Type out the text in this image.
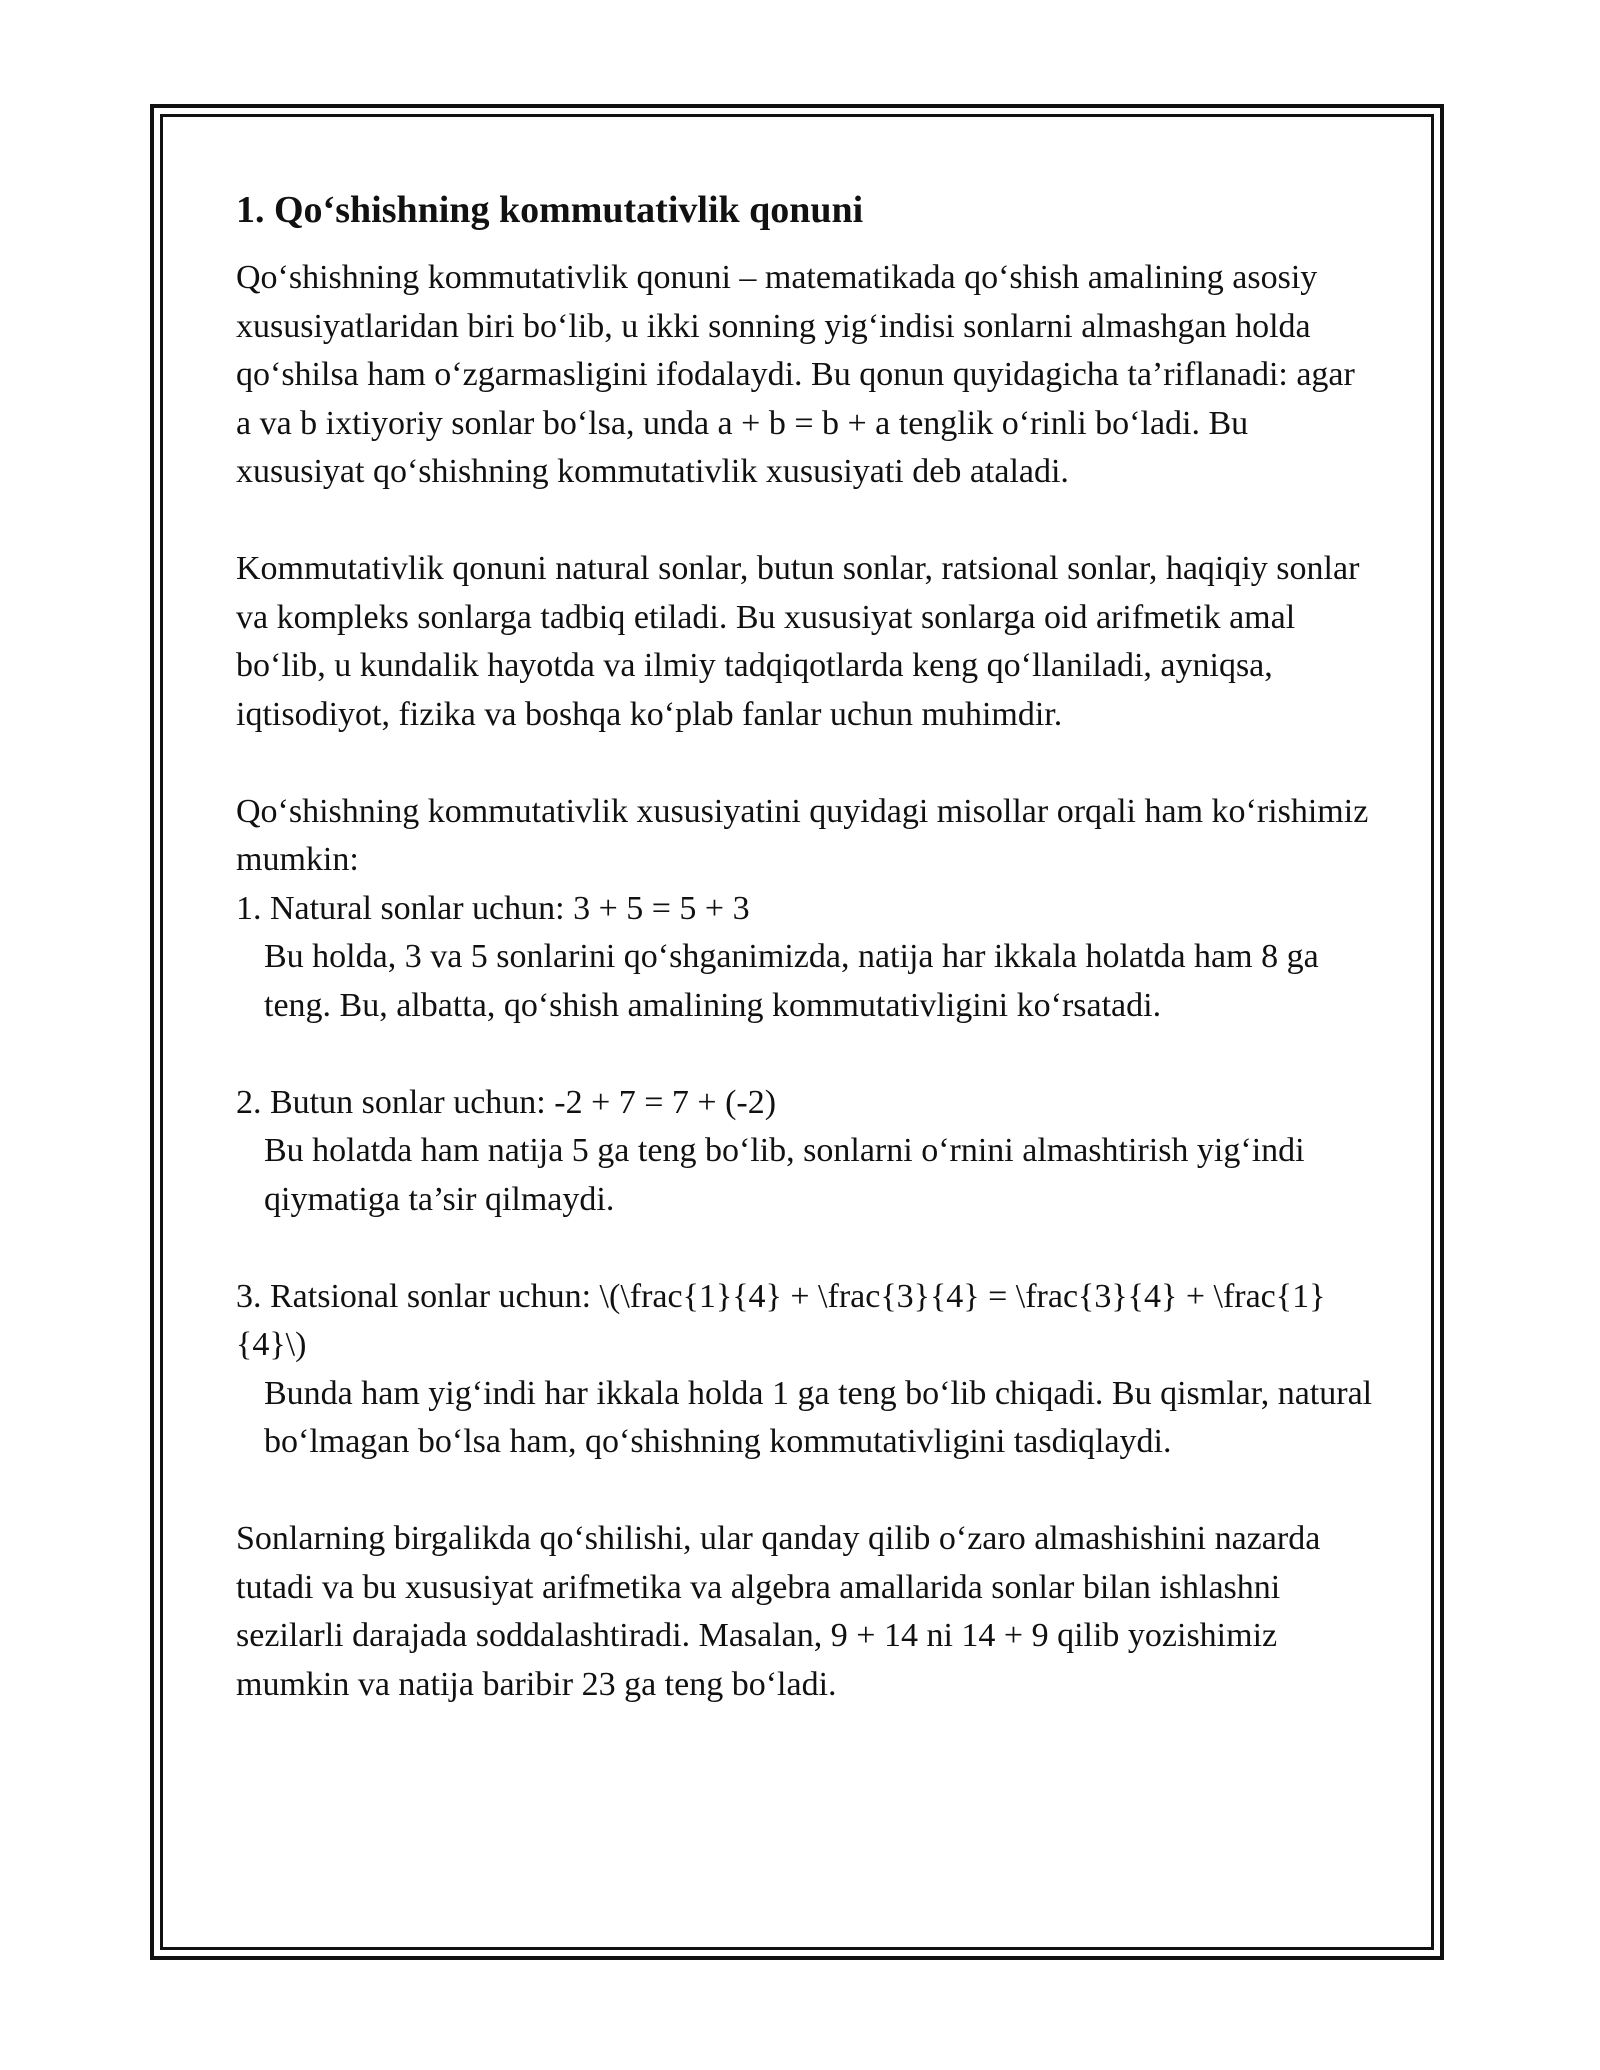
1. Qo‘shishning kommutativlik qonuni

Qo‘shishning kommutativlik qonuni – matematikada qo‘shish amalining asosiy xususiyatlaridan biri bo‘lib, u ikki sonning yig‘indisi sonlarni almashgan holda qo‘shilsa ham o‘zgarmasligini ifodalaydi. Bu qonun quyidagicha ta’riflanadi: agar a va b ixtiyoriy sonlar bo‘lsa, unda a + b = b + a tenglik o‘rinli bo‘ladi. Bu xususiyat qo‘shishning kommutativlik xususiyati deb ataladi.

Kommutativlik qonuni natural sonlar, butun sonlar, ratsional sonlar, haqiqiy sonlar va kompleks sonlarga tadbiq etiladi. Bu xususiyat sonlarga oid arifmetik amal bo‘lib, u kundalik hayotda va ilmiy tadqiqotlarda keng qo‘llaniladi, ayniqsa, iqtisodiyot, fizika va boshqa ko‘plab fanlar uchun muhimdir.

Qo‘shishning kommutativlik xususiyatini quyidagi misollar orqali ham ko‘rishimiz mumkin:

1. Natural sonlar uchun: 3 + 5 = 5 + 3

Bu holda, 3 va 5 sonlarini qo‘shganimizda, natija har ikkala holatda ham 8 ga teng. Bu, albatta, qo‘shish amalining kommutativligini ko‘rsatadi.

2. Butun sonlar uchun: -2 + 7 = 7 + (-2)

Bu holatda ham natija 5 ga teng bo‘lib, sonlarni o‘rnini almashtirish yig‘indi qiymatiga ta’sir qilmaydi.

3. Ratsional sonlar uchun: \(\frac{1}{4} + \frac{3}{4} = \frac{3}{4} + \frac{1}{4}\)

Bunda ham yig‘indi har ikkala holda 1 ga teng bo‘lib chiqadi. Bu qismlar, natural bo‘lmagan bo‘lsa ham, qo‘shishning kommutativligini tasdiqlaydi.

Sonlarning birgalikda qo‘shilishi, ular qanday qilib o‘zaro almashishini nazarda tutadi va bu xususiyat arifmetika va algebra amallarida sonlar bilan ishlashni sezilarli darajada soddalashtiradi. Masalan, 9 + 14 ni 14 + 9 qilib yozishimiz mumkin va natija baribir 23 ga teng bo‘ladi.
